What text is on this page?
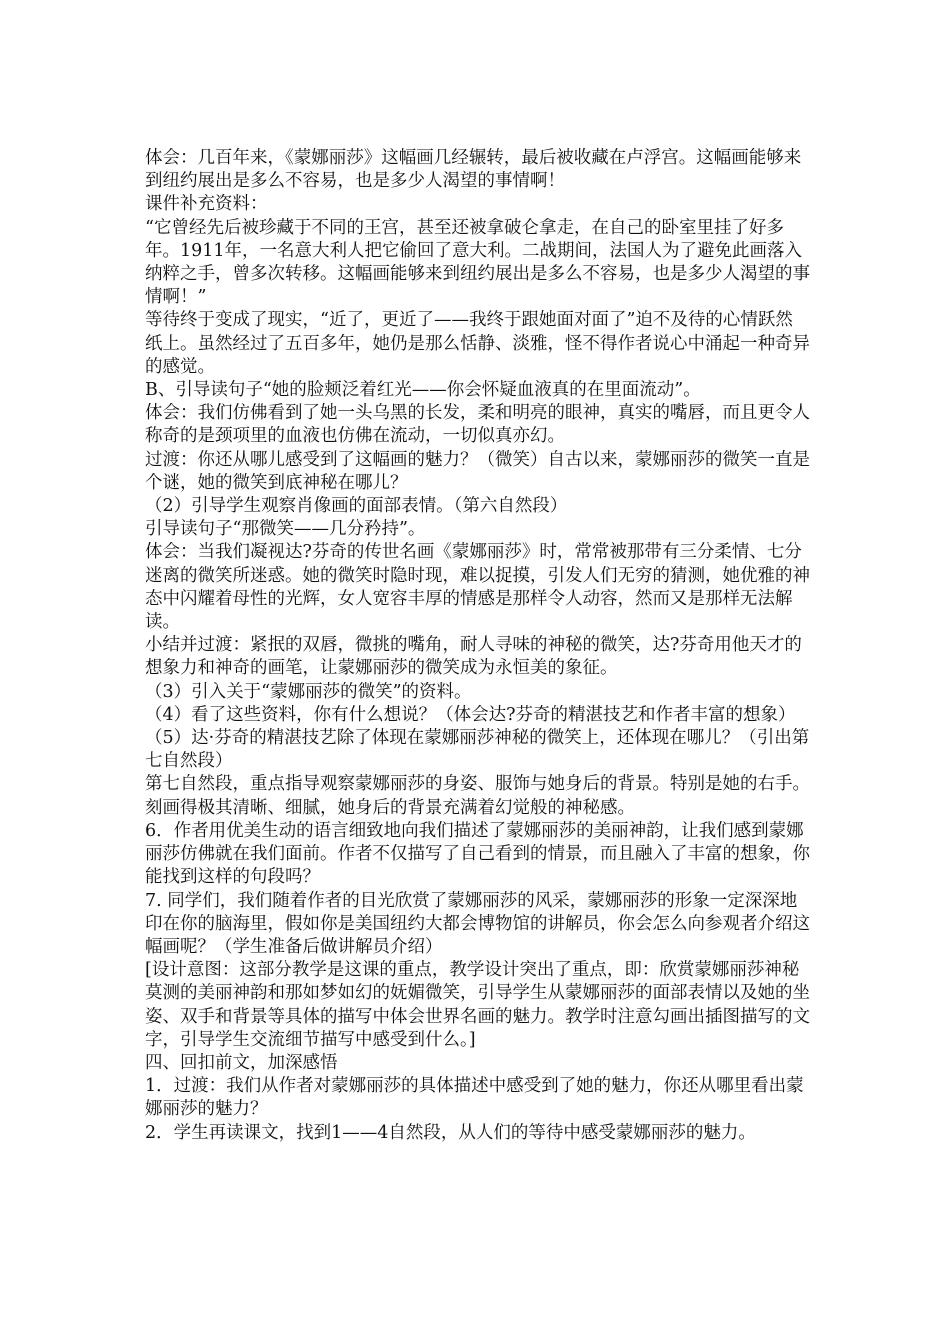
体会：几百年来，《蒙娜丽莎》这幅画几经辗转，最后被收藏在卢浮宫。这幅画能够来到纽约展出是多么不容易，也是多少人渴望的事情啊！

课件补充资料：

“它曾经先后被珍藏于不同的王宫，甚至还被拿破仑拿走，在自己的卧室里挂了好多年。1911年，一名意大利人把它偷回了意大利。二战期间，法国人为了避免此画落入纳粹之手，曾多次转移。这幅画能够来到纽约展出是多么不容易，也是多少人渴望的事情啊！”

等待终于变成了现实，“近了，更近了——我终于跟她面对面了”迫不及待的心情跃然纸上。虽然经过了五百多年，她仍是那么恬静、淡雅，怪不得作者说心中涌起一种奇异的感觉。

B、引导读句子“她的脸颊泛着红光——你会怀疑血液真的在里面流动”。

体会：我们仿佛看到了她一头乌黑的长发，柔和明亮的眼神，真实的嘴唇，而且更令人称奇的是颈项里的血液也仿佛在流动，一切似真亦幻。

过渡：你还从哪儿感受到了这幅画的魅力？（微笑）自古以来，蒙娜丽莎的微笑一直是个谜，她的微笑到底神秘在哪儿？

（2）引导学生观察肖像画的面部表情。（第六自然段）

引导读句子“那微笑——几分矜持”。

体会：当我们凝视达?芬奇的传世名画《蒙娜丽莎》时，常常被那带有三分柔情、七分迷离的微笑所迷惑。她的微笑时隐时现，难以捉摸，引发人们无穷的猜测，她优雅的神态中闪耀着母性的光辉，女人宽容丰厚的情感是那样令人动容，然而又是那样无法解读。

小结并过渡：紧抿的双唇，微挑的嘴角，耐人寻味的神秘的微笑，达?芬奇用他天才的想象力和神奇的画笔，让蒙娜丽莎的微笑成为永恒美的象征。

（3）引入关于“蒙娜丽莎的微笑”的资料。

（4）看了这些资料，你有什么想说？（体会达?芬奇的精湛技艺和作者丰富的想象）

（5）达·芬奇的精湛技艺除了体现在蒙娜丽莎神秘的微笑上，还体现在哪儿？（引出第七自然段）

第七自然段，重点指导观察蒙娜丽莎的身姿、服饰与她身后的背景。特别是她的右手。刻画得极其清晰、细腻，她身后的背景充满着幻觉般的神秘感。

6．作者用优美生动的语言细致地向我们描述了蒙娜丽莎的美丽神韵，让我们感到蒙娜丽莎仿佛就在我们面前。作者不仅描写了自己看到的情景，而且融入了丰富的想象，你能找到这样的句段吗？

7. 同学们，我们随着作者的目光欣赏了蒙娜丽莎的风采，蒙娜丽莎的形象一定深深地印在你的脑海里，假如你是美国纽约大都会博物馆的讲解员，你会怎么向参观者介绍这幅画呢？（学生准备后做讲解员介绍）

[设计意图：这部分教学是这课的重点，教学设计突出了重点，即：欣赏蒙娜丽莎神秘莫测的美丽神韵和那如梦如幻的妩媚微笑，引导学生从蒙娜丽莎的面部表情以及她的坐姿、双手和背景等具体的描写中体会世界名画的魅力。教学时注意勾画出插图描写的文字，引导学生交流细节描写中感受到什么。]

四、回扣前文，加深感悟

1．过渡：我们从作者对蒙娜丽莎的具体描述中感受到了她的魅力，你还从哪里看出蒙娜丽莎的魅力？

2．学生再读课文，找到1——4自然段，从人们的等待中感受蒙娜丽莎的魅力。
